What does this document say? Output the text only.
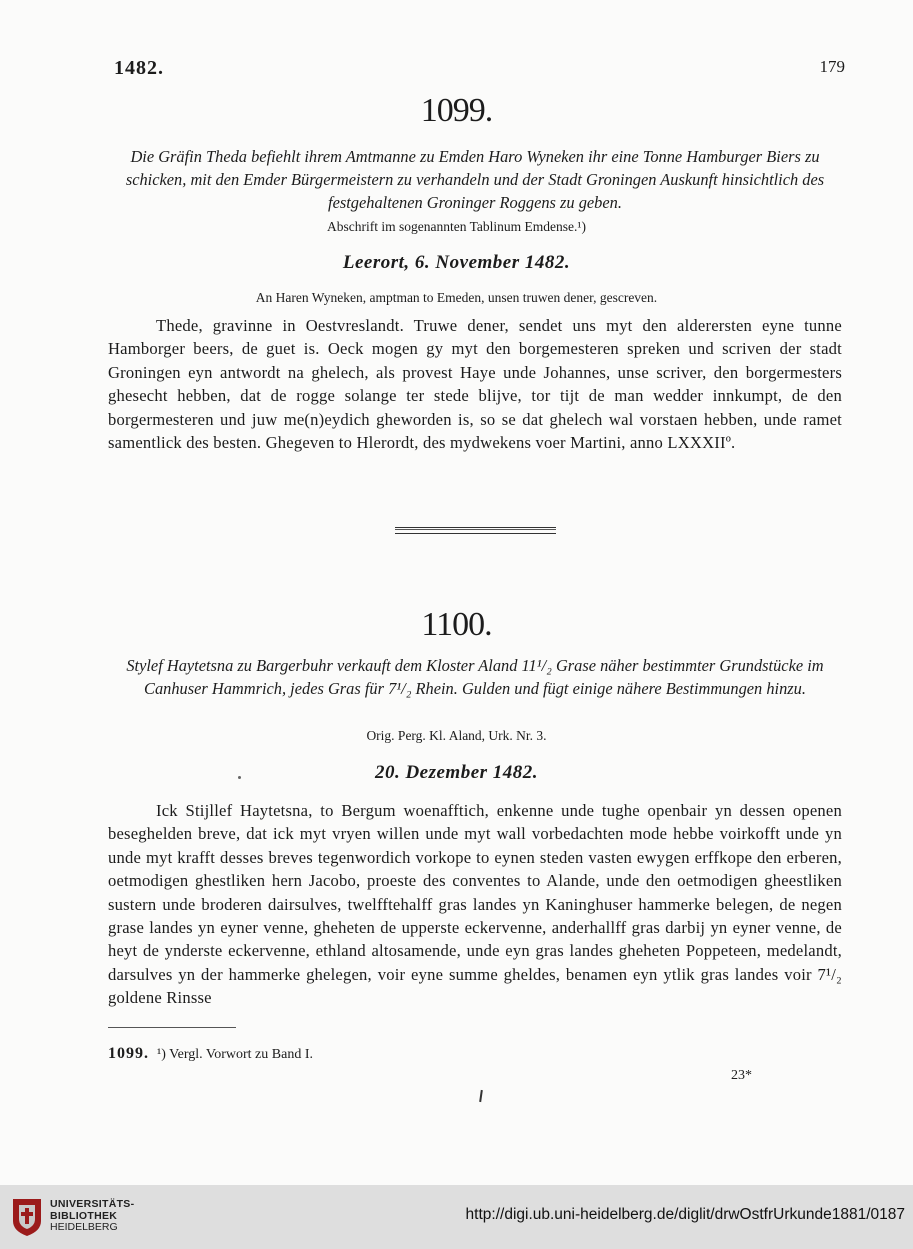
1482.	179
1099.
Die Gräfin Theda befiehlt ihrem Amtmanne zu Emden Haro Wyneken ihr eine Tonne Hamburger Biers zu schicken, mit den Emder Bürgermeistern zu verhandeln und der Stadt Groningen Auskunft hinsichtlich des festgehaltenen Groninger Roggens zu geben.
Abschrift im sogenannten Tablinum Emdense.¹)
Leerort, 6. November 1482.
An Haren Wyneken, amptman to Emeden, unsen truwen dener, gescreven.
Thede, gravinne in Oestvreslandt. Truwe dener, sendet uns myt den alderersten eyne tunne Hamborger beers, de guet is. Oeck mogen gy myt den borgemesteren spreken und scriven der stadt Groningen eyn antwordt na ghelech, als provest Haye unde Johannes, unse scriver, den borgermesters ghesecht hebben, dat de rogge solange ter stede blijve, tor tijt de man wedder innkumpt, de den borgermesteren und juw me(n)eydich gheworden is, so se dat ghelech wal vorstaen hebben, unde ramet samentlick des besten. Ghegeven to Hlerordt, des mydwekens voer Martini, anno LXXXIIº.
1100.
Stylef Haytetsna zu Bargerbuhr verkauft dem Kloster Aland 11¹/₂ Grase näher bestimmter Grundstücke im Canhuser Hammrich, jedes Gras für 7¹/₂ Rhein. Gulden und fügt einige nähere Bestimmungen hinzu.
Orig. Perg. Kl. Aland, Urk. Nr. 3.
20. Dezember 1482.
Ick Stijllef Haytetsna, to Bergum woenafftich, enkenne unde tughe openbair yn dessen openen beseghelden breve, dat ick myt vryen willen unde myt wall vorbedachten mode hebbe voirkofft unde yn unde myt krafft desses breves tegenwordich vorkope to eynen steden vasten ewygen erffkope den erberen, oetmodigen ghestliken hern Jacobo, proeste des conventes to Alande, unde den oetmodigen gheestliken sustern unde broderen dairsulves, twelfftehalff gras landes yn Kaninghuser hammerke belegen, de negen grase landes yn eyner venne, gheheten de upperste eckervenne, anderhallff gras darbij yn eyner venne, de heyt de ynderste eckervenne, ethland altosamende, unde eyn gras landes gheheten Poppeteen, medelandt, darsulves yn der hammerke ghelegen, voir eyne summe gheldes, benamen eyn ytlik gras landes voir 7¹/₂ goldene Rinsse
1099. ¹) Vergl. Vorwort zu Band I.
23*
UNIVERSITÄTS-
BIBLIOTHEK
HEIDELBERG
http://digi.ub.uni-heidelberg.de/diglit/drwOstfrUrkunde1881/0187
